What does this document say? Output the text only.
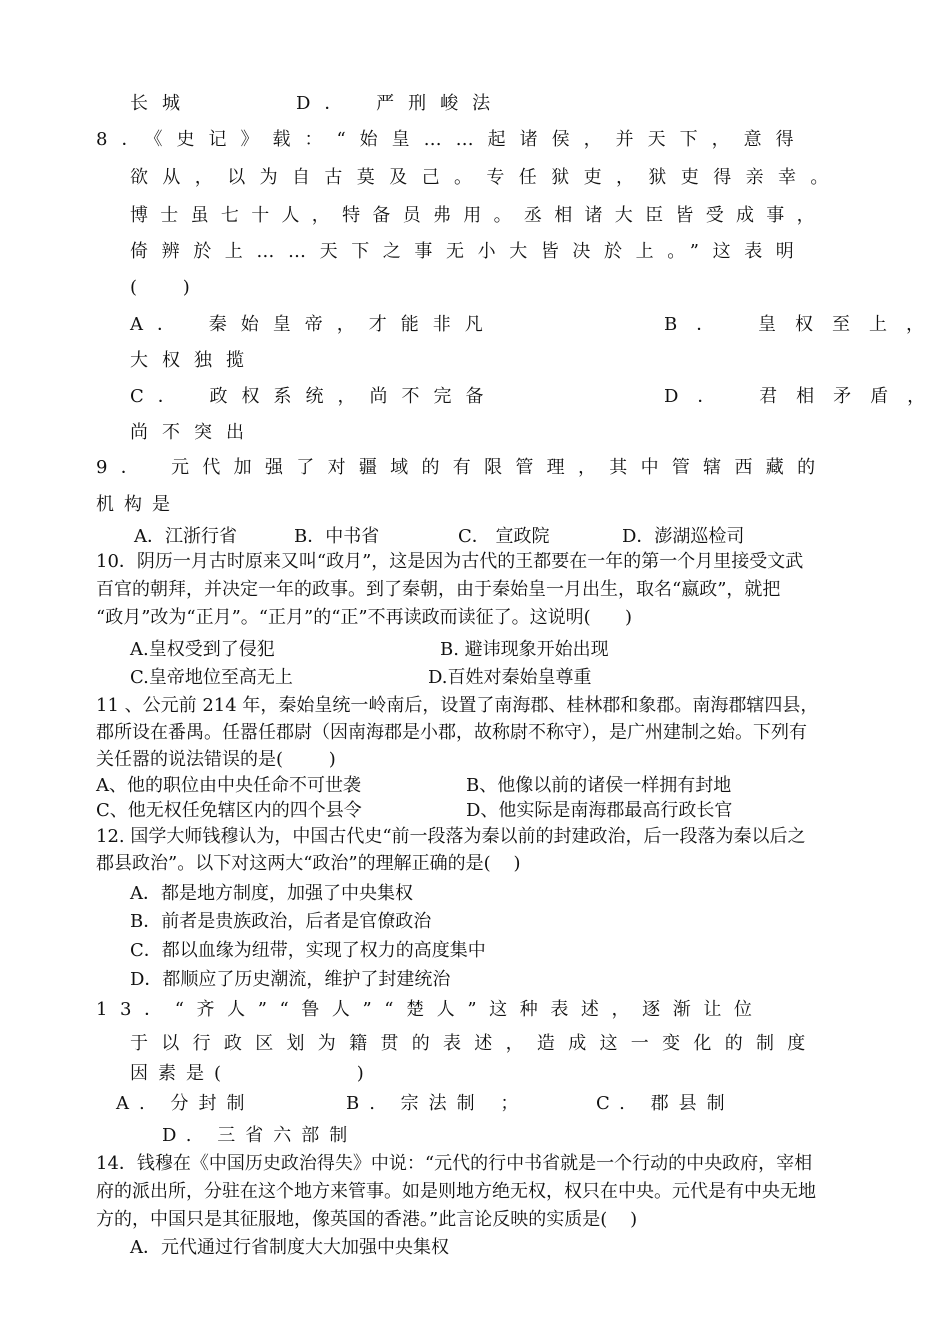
长城	D． 严刑峻法
8．《史记》载：“始皇……起诸侯，并天下，意得
欲从，以为自古莫及己。专任狱吏，狱吏得亲幸。
博士虽七十人，特备员弗用。丞相诸大臣皆受成事，
倚辨於上……天下之事无小大皆决於上。”这表明
(        )
A． 秦始皇帝，才能非凡	B． 皇权至上，
大权独揽
C． 政权系统，尚不完备	D． 君相矛盾，
尚不突出
9． 元代加强了对疆域的有限管理，其中管辖西藏的
机构是
A．江浙行省	B．中书省	C． 宣政院	D．澎湖巡检司
10．阴历一月古时原来又叫“政月”，这是因为古代的王都要在一年的第一个月里接受文武
百官的朝拜，并决定一年的政事。到了秦朝，由于秦始皇一月出生，取名“嬴政”，就把
“政月”改为“正月”。“正月”的“正”不再读政而读征了。这说明(      )
A.皇权受到了侵犯	B. 避讳现象开始出现
C.皇帝地位至高无上	D.百姓对秦始皇尊重
11 、公元前 214 年，秦始皇统一岭南后，设置了南海郡、桂林郡和象郡。南海郡辖四县，
郡所设在番禺。任嚣任郡尉（因南海郡是小郡，故称尉不称守），是广州建制之始。下列有
关任嚣的说法错误的是(        )
A、他的职位由中央任命不可世袭	B、他像以前的诸侯一样拥有封地
C、他无权任免辖区内的四个县令	D、他实际是南海郡最高行政长官
12. 国学大师钱穆认为，中国古代史“前一段落为秦以前的封建政治，后一段落为秦以后之
郡县政治”。以下对这两大“政治”的理解正确的是(    )
A．都是地方制度，加强了中央集权
B．前者是贵族政治，后者是官僚政治
C．都以血缘为纽带，实现了权力的高度集中
D．都顺应了历史潮流，维护了封建统治
13．“齐人”“鲁人”“楚人”这种表述，逐渐让位
于以行政区划为籍贯的表述，造成这一变化的制度
因素是(        )
A. 分封制	B. 宗法制 ；	C. 郡县制
D. 三省六部制
14．钱穆在《中国历史政治得失》中说：“元代的行中书省就是一个行动的中央政府，宰相
府的派出所，分驻在这个地方来管事。如是则地方绝无权，权只在中央。元代是有中央无地
方的，中国只是其征服地，像英国的香港。”此言论反映的实质是(    )
A．元代通过行省制度大大加强中央集权
